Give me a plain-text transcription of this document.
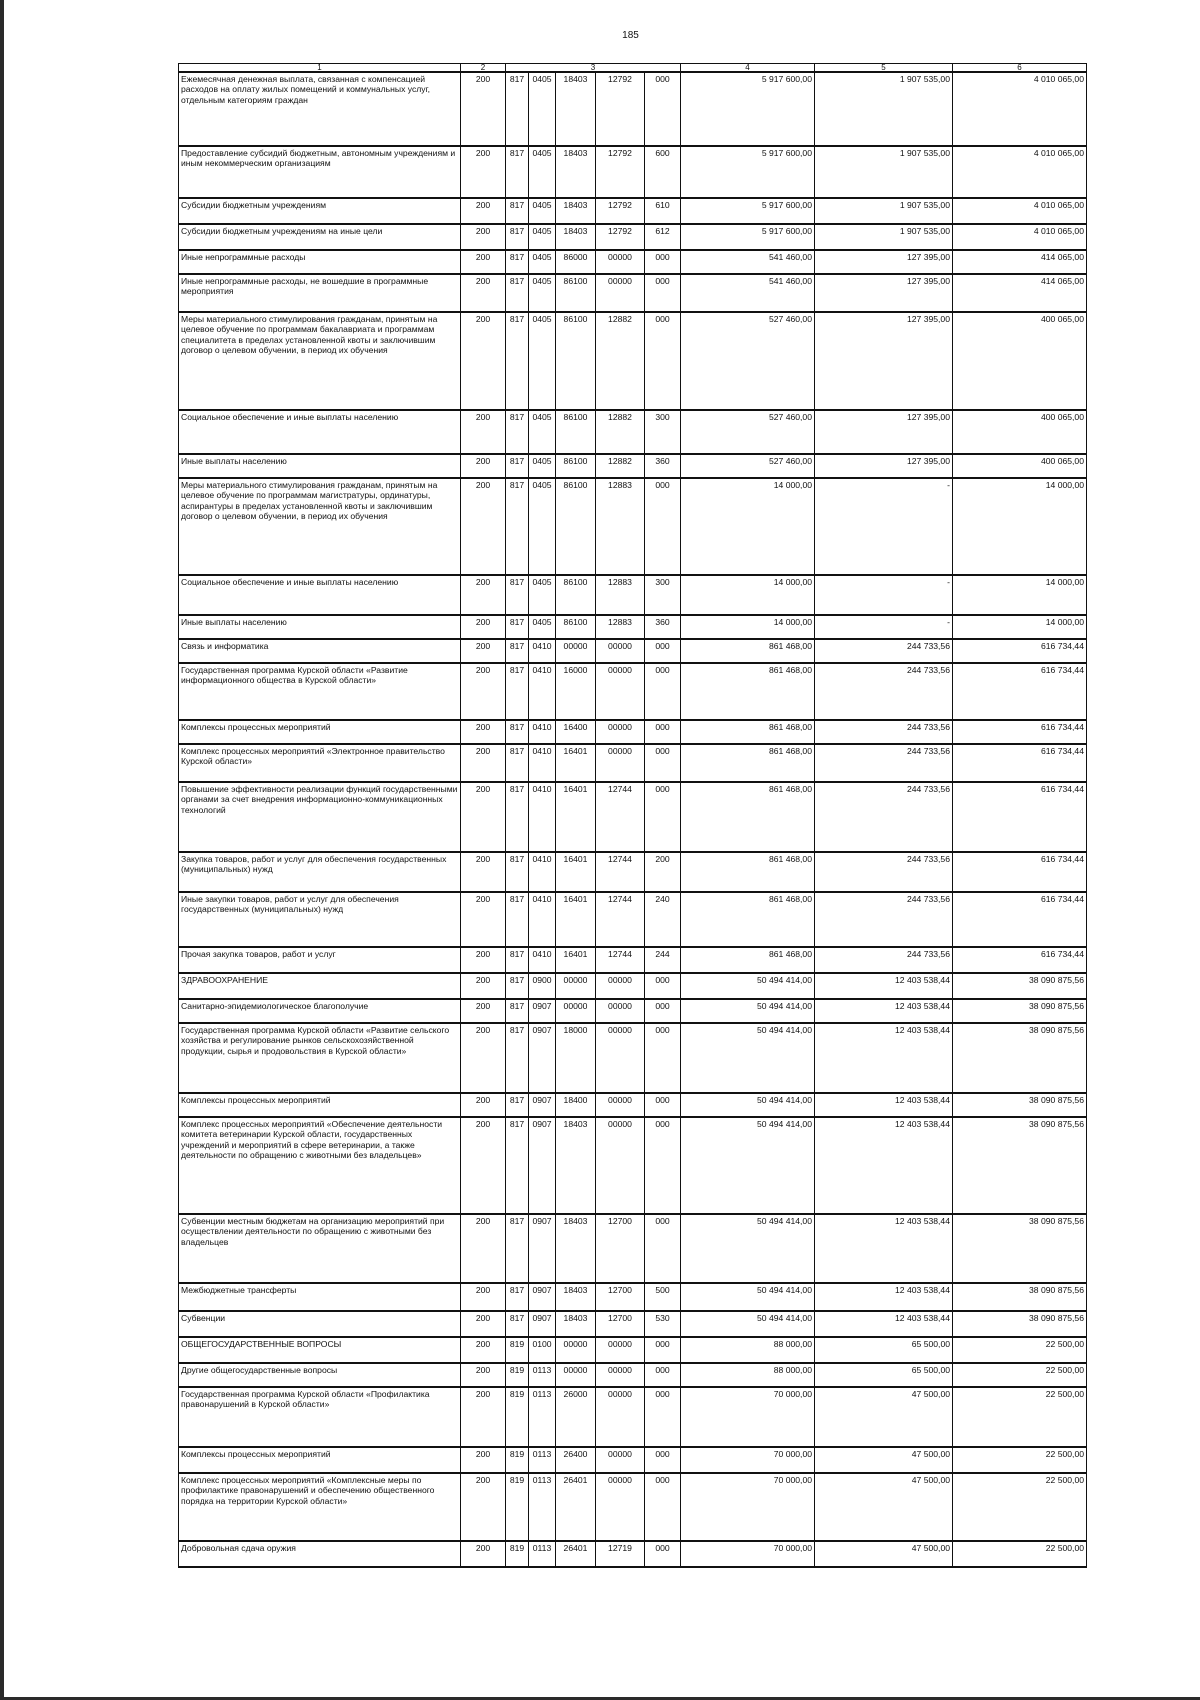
185
1	2	3					4	5	6
Ежемесячная денежная выплата, связанная с компенсацией расходов на оплату жилых помещений и коммунальных услуг, отдельным категориям граждан	200	817	0405	18403	12792	000	5 917 600,00	1 907 535,00	4 010 065,00
Предоставление субсидий бюджетным, автономным учреждениям и иным некоммерческим организациям	200	817	0405	18403	12792	600	5 917 600,00	1 907 535,00	4 010 065,00
Субсидии бюджетным учреждениям	200	817	0405	18403	12792	610	5 917 600,00	1 907 535,00	4 010 065,00
Субсидии бюджетным учреждениям на иные цели	200	817	0405	18403	12792	612	5 917 600,00	1 907 535,00	4 010 065,00
Иные непрограммные расходы	200	817	0405	86000	00000	000	541 460,00	127 395,00	414 065,00
Иные непрограммные расходы, не вошедшие в программные мероприятия	200	817	0405	86100	00000	000	541 460,00	127 395,00	414 065,00
Меры материального стимулирования гражданам, принятым на целевое обучение по программам бакалавриата и программам специалитета в пределах установленной квоты и заключившим договор о целевом обучении, в период их обучения	200	817	0405	86100	12882	000	527 460,00	127 395,00	400 065,00
Социальное обеспечение и иные выплаты населению	200	817	0405	86100	12882	300	527 460,00	127 395,00	400 065,00
Иные выплаты населению	200	817	0405	86100	12882	360	527 460,00	127 395,00	400 065,00
Меры материального стимулирования гражданам, принятым на целевое обучение по программам магистратуры, ординатуры, аспирантуры в пределах установленной квоты и заключившим договор о целевом обучении, в период их обучения	200	817	0405	86100	12883	000	14 000,00	-	14 000,00
Социальное обеспечение и иные выплаты населению	200	817	0405	86100	12883	300	14 000,00	-	14 000,00
Иные выплаты населению	200	817	0405	86100	12883	360	14 000,00	-	14 000,00
Связь и информатика	200	817	0410	00000	00000	000	861 468,00	244 733,56	616 734,44
Государственная программа Курской области «Развитие информационного общества в Курской области»	200	817	0410	16000	00000	000	861 468,00	244 733,56	616 734,44
Комплексы процессных мероприятий	200	817	0410	16400	00000	000	861 468,00	244 733,56	616 734,44
Комплекс процессных мероприятий «Электронное правительство Курской области»	200	817	0410	16401	00000	000	861 468,00	244 733,56	616 734,44
Повышение эффективности реализации функций государственными органами за счет внедрения информационно-коммуникационных технологий	200	817	0410	16401	12744	000	861 468,00	244 733,56	616 734,44
Закупка товаров, работ и услуг для обеспечения государственных (муниципальных) нужд	200	817	0410	16401	12744	200	861 468,00	244 733,56	616 734,44
Иные закупки товаров, работ и услуг для обеспечения государственных (муниципальных) нужд	200	817	0410	16401	12744	240	861 468,00	244 733,56	616 734,44
Прочая закупка товаров, работ и услуг	200	817	0410	16401	12744	244	861 468,00	244 733,56	616 734,44
ЗДРАВООХРАНЕНИЕ	200	817	0900	00000	00000	000	50 494 414,00	12 403 538,44	38 090 875,56
Санитарно-эпидемиологическое благополучие	200	817	0907	00000	00000	000	50 494 414,00	12 403 538,44	38 090 875,56
Государственная программа Курской области «Развитие сельского хозяйства и регулирование рынков сельскохозяйственной продукции, сырья и продовольствия в Курской области»	200	817	0907	18000	00000	000	50 494 414,00	12 403 538,44	38 090 875,56
Комплексы процессных мероприятий	200	817	0907	18400	00000	000	50 494 414,00	12 403 538,44	38 090 875,56
Комплекс процессных мероприятий «Обеспечение деятельности комитета ветеринарии Курской области, государственных учреждений и мероприятий в сфере ветеринарии, а также деятельности по обращению с животными без владельцев»	200	817	0907	18403	00000	000	50 494 414,00	12 403 538,44	38 090 875,56
Субвенции местным бюджетам на организацию мероприятий при осуществлении деятельности по обращению с животными без владельцев	200	817	0907	18403	12700	000	50 494 414,00	12 403 538,44	38 090 875,56
Межбюджетные трансферты	200	817	0907	18403	12700	500	50 494 414,00	12 403 538,44	38 090 875,56
Субвенции	200	817	0907	18403	12700	530	50 494 414,00	12 403 538,44	38 090 875,56
ОБЩЕГОСУДАРСТВЕННЫЕ ВОПРОСЫ	200	819	0100	00000	00000	000	88 000,00	65 500,00	22 500,00
Другие общегосударственные вопросы	200	819	0113	00000	00000	000	88 000,00	65 500,00	22 500,00
Государственная программа Курской области «Профилактика правонарушений в Курской области»	200	819	0113	26000	00000	000	70 000,00	47 500,00	22 500,00
Комплексы процессных мероприятий	200	819	0113	26400	00000	000	70 000,00	47 500,00	22 500,00
Комплекс процессных мероприятий «Комплексные меры по профилактике правонарушений и обеспечению общественного порядка на территории Курской области»	200	819	0113	26401	00000	000	70 000,00	47 500,00	22 500,00
Добровольная сдача оружия	200	819	0113	26401	12719	000	70 000,00	47 500,00	22 500,00
